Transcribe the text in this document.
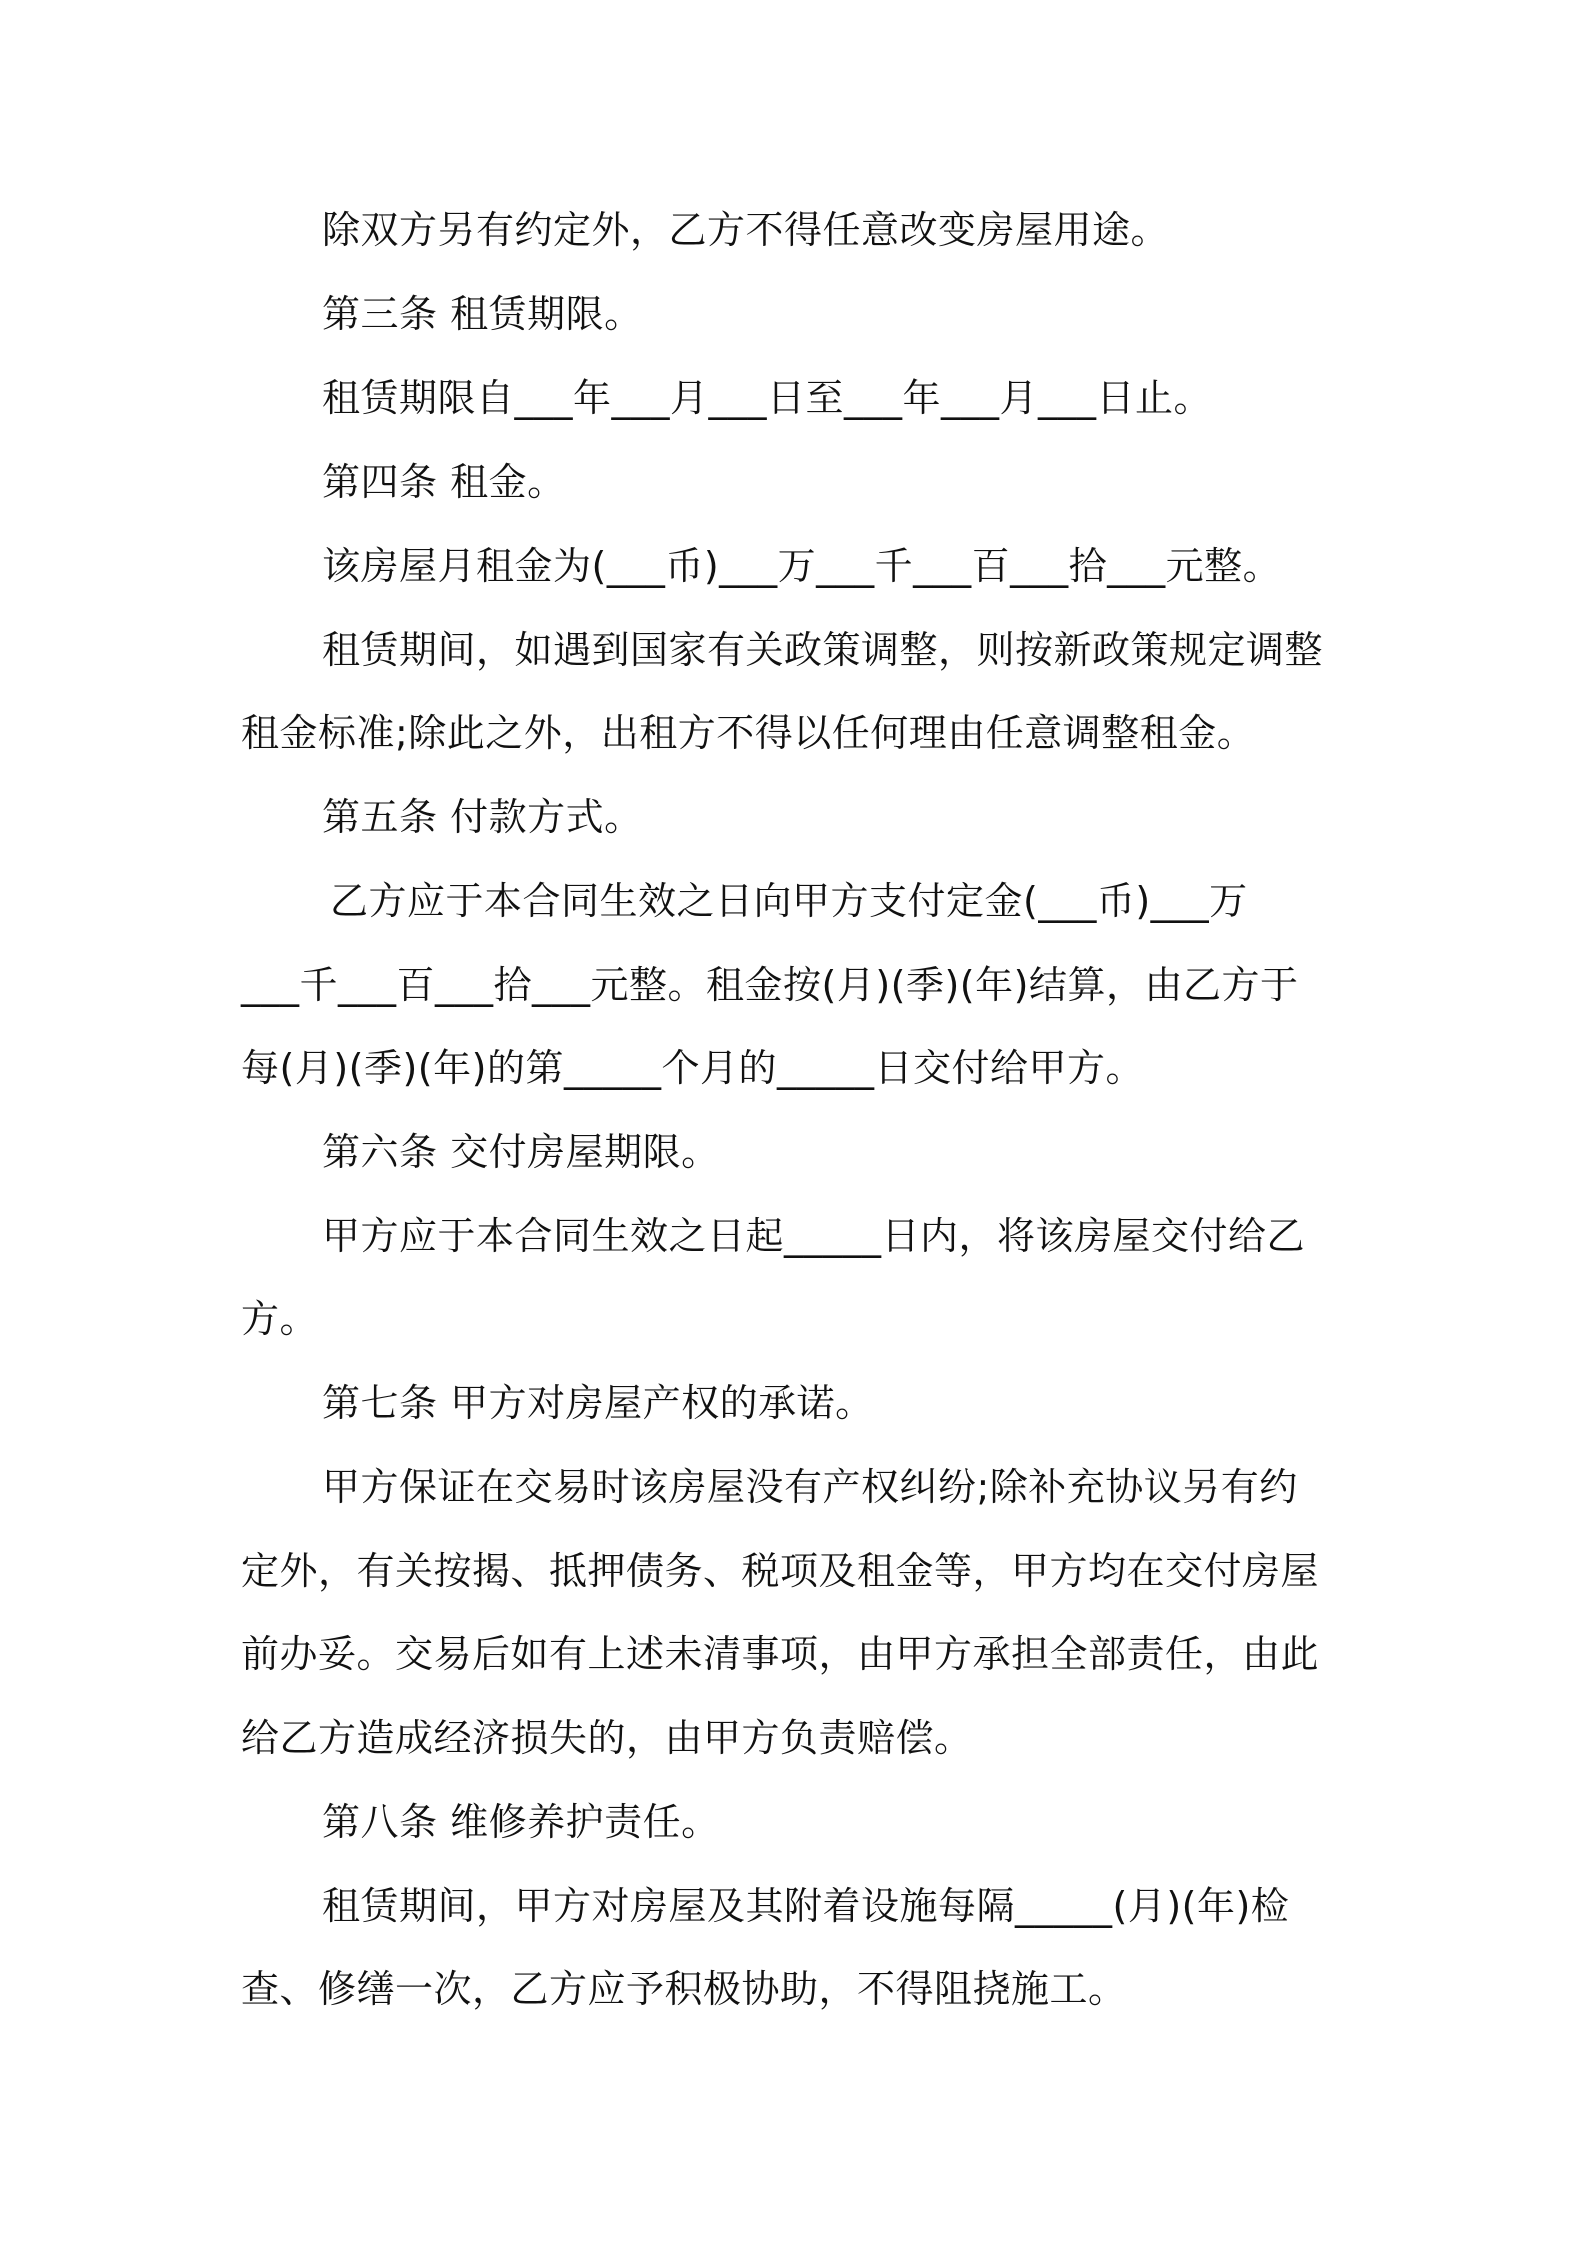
除双方另有约定外，乙方不得任意改变房屋用途。
第三条 租赁期限。
租赁期限自___年___月___日至___年___月___日止。
第四条 租金。
该房屋月租金为(___币)___万___千___百___拾___元整。
租赁期间，如遇到国家有关政策调整，则按新政策规定调整
租金标准;除此之外，出租方不得以任何理由任意调整租金。
第五条 付款方式。
乙方应于本合同生效之日向甲方支付定金(___币)___万
___千___百___拾___元整。租金按(月)(季)(年)结算，由乙方于
每(月)(季)(年)的第_____个月的_____日交付给甲方。
第六条 交付房屋期限。
甲方应于本合同生效之日起_____日内，将该房屋交付给乙
方。
第七条 甲方对房屋产权的承诺。
甲方保证在交易时该房屋没有产权纠纷;除补充协议另有约
定外，有关按揭、抵押债务、税项及租金等，甲方均在交付房屋
前办妥。交易后如有上述未清事项，由甲方承担全部责任，由此
给乙方造成经济损失的，由甲方负责赔偿。
第八条 维修养护责任。
租赁期间，甲方对房屋及其附着设施每隔_____(月)(年)检
查、修缮一次，乙方应予积极协助，不得阻挠施工。
